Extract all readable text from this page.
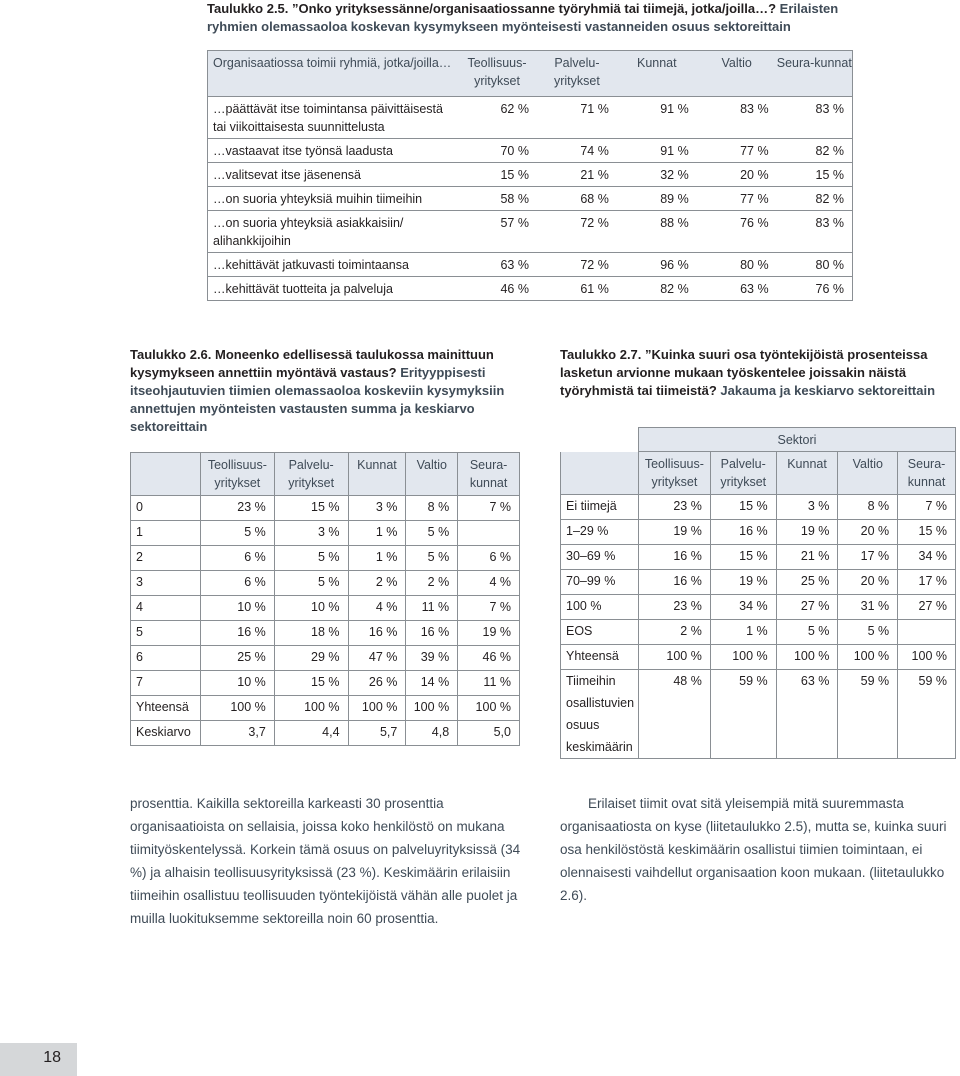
Taulukko 2.5. ”Onko yrityksessänne/organisaatiossanne työryhmiä tai tiimejä, jotka/joilla…? Erilaisten ryhmien olemassaoloa koskevan kysymykseen myönteisesti vastanneiden osuus sektoreittain
Organisaatiossa toimii ryhmiä, jotka/joilla…	Teollisuus-yritykset	Palvelu-yritykset	Kunnat	Valtio	Seura-kunnat
…päättävät itse toimintansa päivittäisestä tai viikoittaisesta suunnittelusta	62 %	71 %	91 %	83 %	83 %
…vastaavat itse työnsä laadusta	70 %	74 %	91 %	77 %	82 %
…valitsevat itse jäsenensä	15 %	21 %	32 %	20 %	15 %
…on suoria yhteyksiä muihin tiimeihin	58 %	68 %	89 %	77 %	82 %
…on suoria yhteyksiä asiakkaisiin/ alihankkijoihin	57 %	72 %	88 %	76 %	83 %
…kehittävät jatkuvasti toimintaansa	63 %	72 %	96 %	80 %	80 %
…kehittävät tuotteita ja palveluja	46 %	61 %	82 %	63 %	76 %
Taulukko 2.6. Moneenko edellisessä taulukossa mainittuun kysymykseen annettiin myöntävä vastaus? Erityyppisesti itseohjautuvien tiimien olemassaoloa koskeviin kysymyksiin annettujen myönteisten vastausten summa ja keskiarvo sektoreittain
	Teollisuus-yritykset	Palvelu-yritykset	Kunnat	Valtio	Seura-kunnat
0	23 %	15 %	3 %	8 %	7 %
1	5 %	3 %	1 %	5 %	
2	6 %	5 %	1 %	5 %	6 %
3	6 %	5 %	2 %	2 %	4 %
4	10 %	10 %	4 %	11 %	7 %
5	16 %	18 %	16 %	16 %	19 %
6	25 %	29 %	47 %	39 %	46 %
7	10 %	15 %	26 %	14 %	11 %
Yhteensä	100 %	100 %	100 %	100 %	100 %
Keskiarvo	3,7	4,4	5,7	4,8	5,0
Taulukko 2.7. ”Kuinka suuri osa työntekijöistä prosenteissa lasketun arvionne mukaan työskentelee joissakin näistä työryhmistä tai tiimeistä? Jakauma ja keskiarvo sektoreittain
	Sektori				
	Teollisuus-yritykset	Palvelu-yritykset	Kunnat	Valtio	Seura-kunnat
Ei tiimejä	23 %	15 %	3 %	8 %	7 %
1–29 %	19 %	16 %	19 %	20 %	15 %
30–69 %	16 %	15 %	21 %	17 %	34 %
70–99 %	16 %	19 %	25 %	20 %	17 %
100 %	23 %	34 %	27 %	31 %	27 %
EOS	2 %	1 %	5 %	5 %	
Yhteensä	100 %	100 %	100 %	100 %	100 %
Tiimeihin osallistuvien osuus keskimäärin	48 %	59 %	63 %	59 %	59 %
prosenttia. Kaikilla sektoreilla karkeasti 30 prosenttia organisaatioista on sellaisia, joissa koko henkilöstö on mukana tiimityöskentelyssä. Korkein tämä osuus on palveluyrityksissä (34 %) ja alhaisin teollisuusyrityksissä (23 %). Keskimäärin erilaisiin tiimeihin osallistuu teollisuuden työntekijöistä vähän alle puolet ja muilla luokituksemme sektoreilla noin 60 prosenttia.
Erilaiset tiimit ovat sitä yleisempiä mitä suuremmasta organisaatiosta on kyse (liitetaulukko 2.5), mutta se, kuinka suuri osa henkilöstöstä keskimäärin osallistui tiimien toimintaan, ei olennaisesti vaihdellut organisaation koon mukaan. (liitetaulukko 2.6).
18
